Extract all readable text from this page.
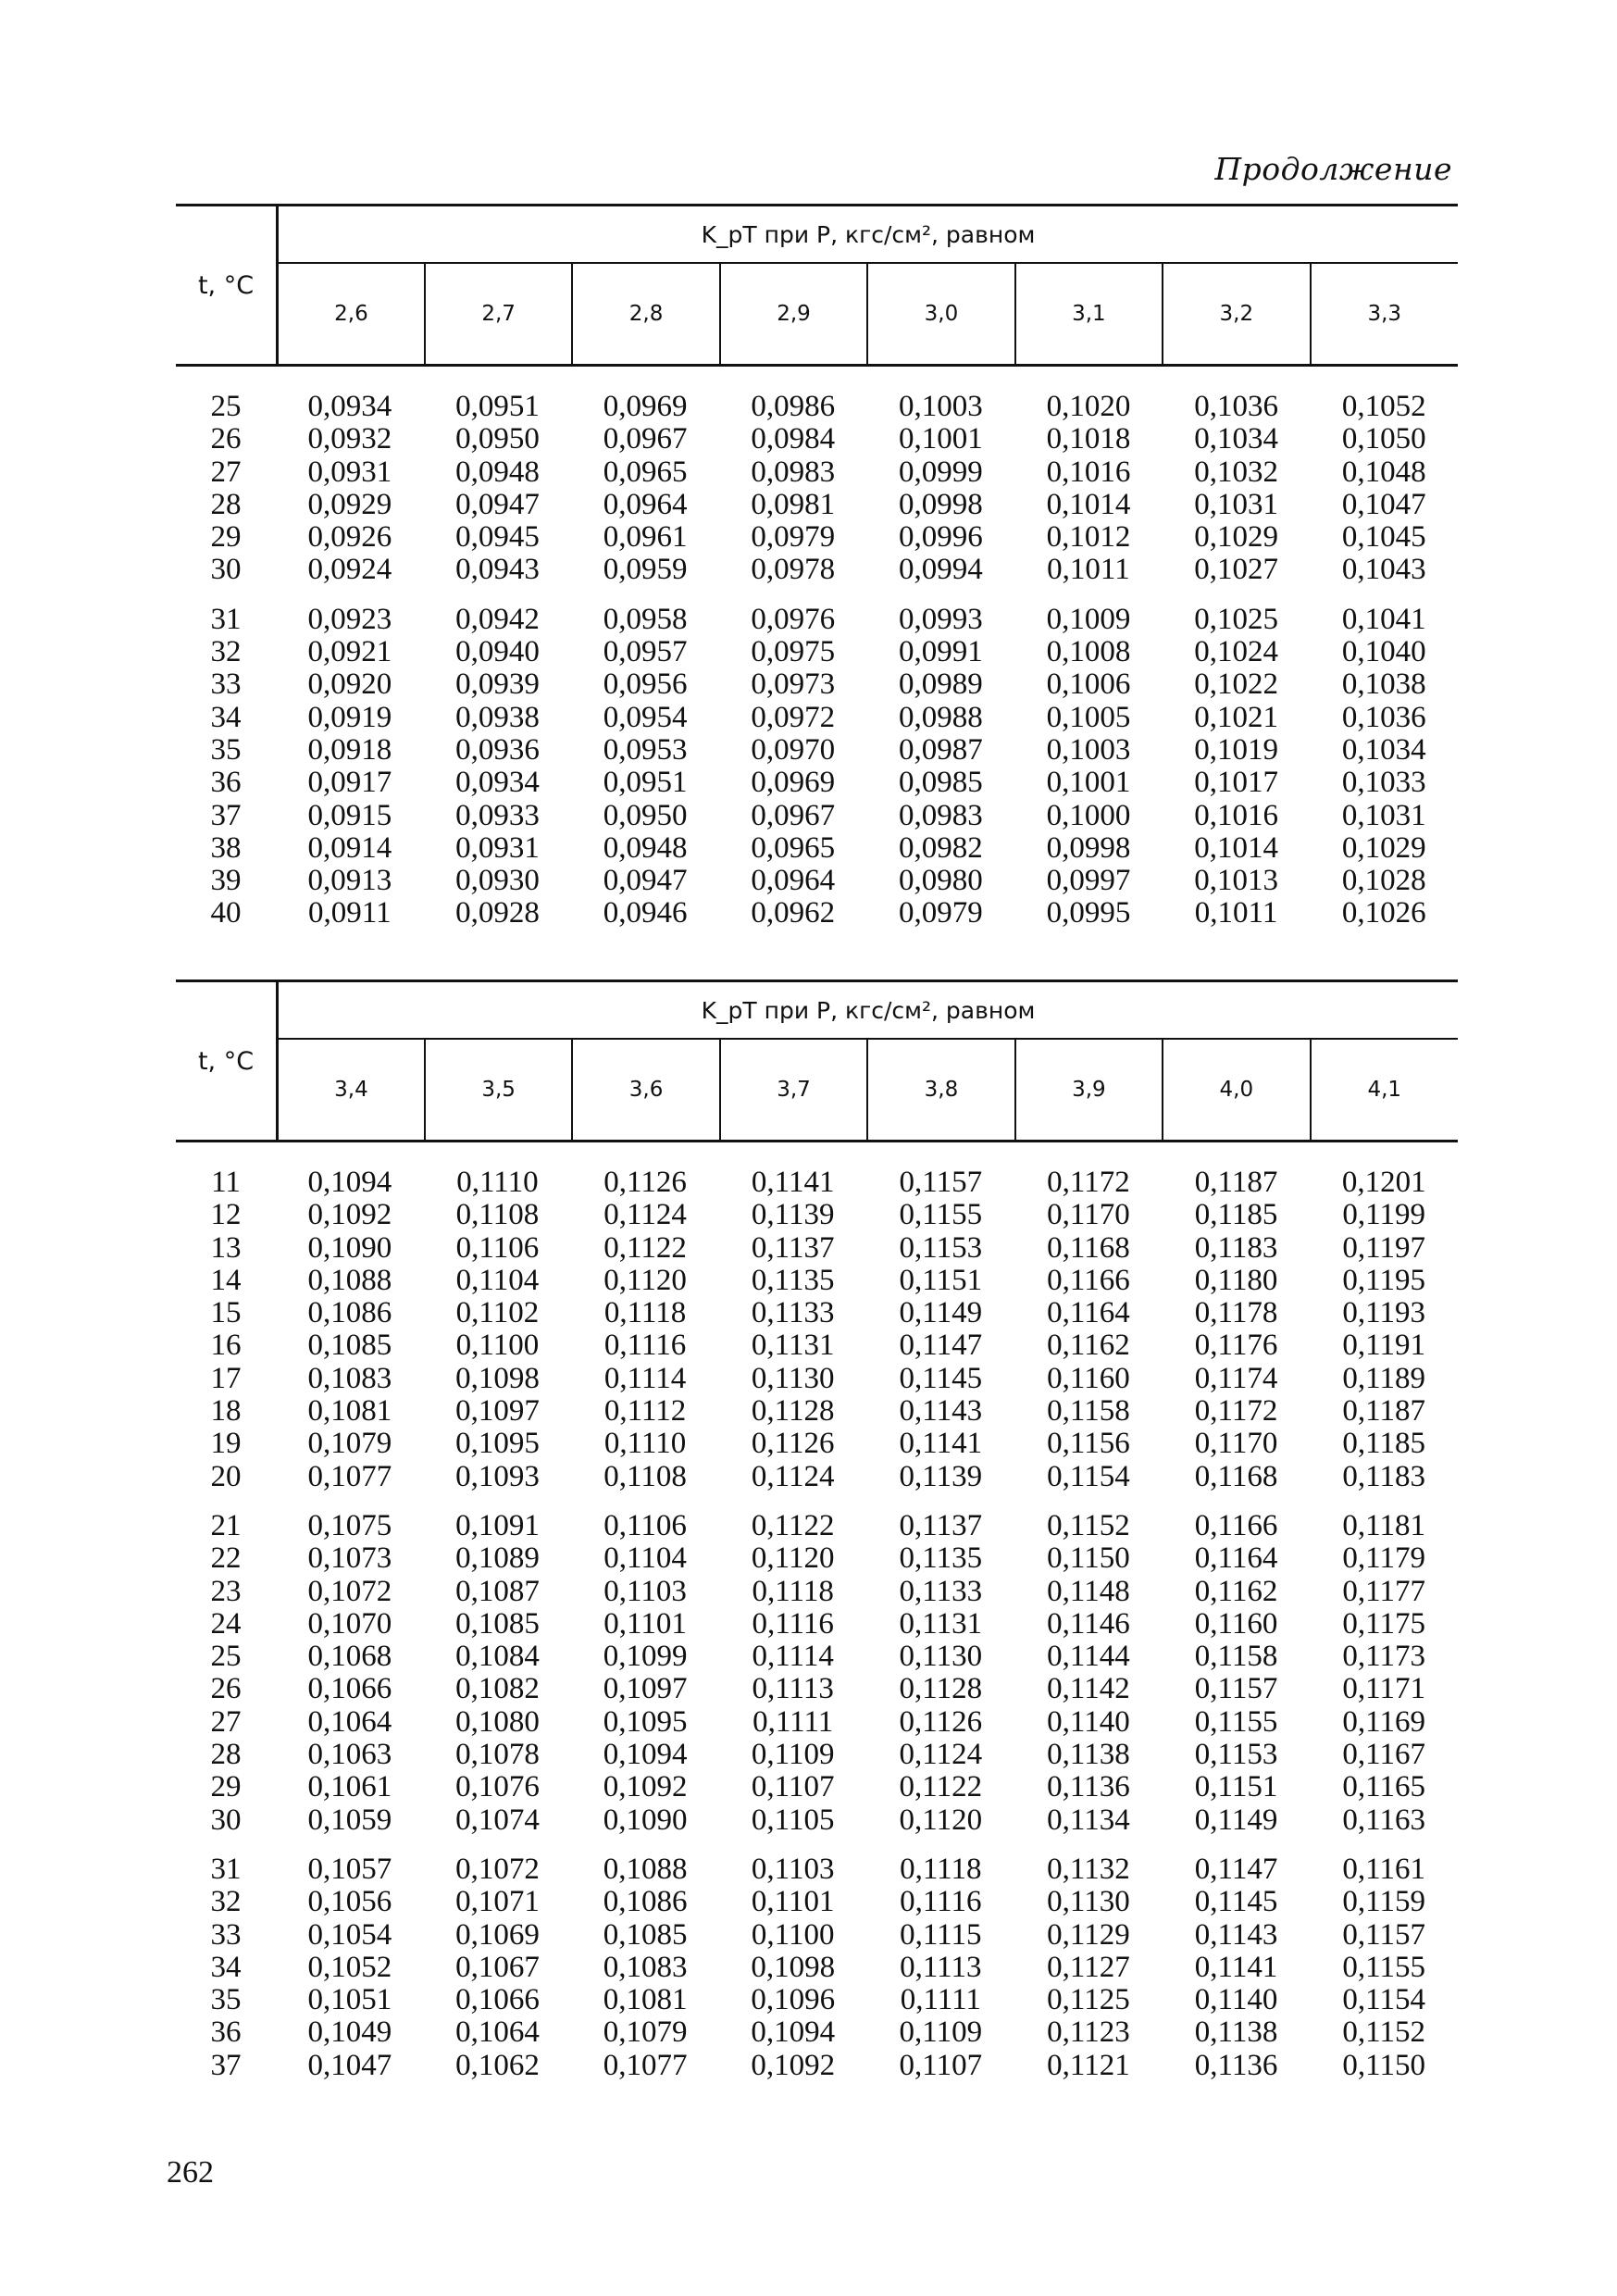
Продолжение
t, °C	K_pT при P, кгс/см², равном							
	2,6	2,7	2,8	2,9	3,0	3,1	3,2	3,3
25	0,0934	0,0951	0,0969	0,0986	0,1003	0,1020	0,1036	0,1052
26	0,0932	0,0950	0,0967	0,0984	0,1001	0,1018	0,1034	0,1050
27	0,0931	0,0948	0,0965	0,0983	0,0999	0,1016	0,1032	0,1048
28	0,0929	0,0947	0,0964	0,0981	0,0998	0,1014	0,1031	0,1047
29	0,0926	0,0945	0,0961	0,0979	0,0996	0,1012	0,1029	0,1045
30	0,0924	0,0943	0,0959	0,0978	0,0994	0,1011	0,1027	0,1043

31	0,0923	0,0942	0,0958	0,0976	0,0993	0,1009	0,1025	0,1041
32	0,0921	0,0940	0,0957	0,0975	0,0991	0,1008	0,1024	0,1040
33	0,0920	0,0939	0,0956	0,0973	0,0989	0,1006	0,1022	0,1038
34	0,0919	0,0938	0,0954	0,0972	0,0988	0,1005	0,1021	0,1036
35	0,0918	0,0936	0,0953	0,0970	0,0987	0,1003	0,1019	0,1034
36	0,0917	0,0934	0,0951	0,0969	0,0985	0,1001	0,1017	0,1033
37	0,0915	0,0933	0,0950	0,0967	0,0983	0,1000	0,1016	0,1031
38	0,0914	0,0931	0,0948	0,0965	0,0982	0,0998	0,1014	0,1029
39	0,0913	0,0930	0,0947	0,0964	0,0980	0,0997	0,1013	0,1028
40	0,0911	0,0928	0,0946	0,0962	0,0979	0,0995	0,1011	0,1026
t, °C	K_pT при P, кгс/см², равном							
	3,4	3,5	3,6	3,7	3,8	3,9	4,0	4,1
11	0,1094	0,1110	0,1126	0,1141	0,1157	0,1172	0,1187	0,1201
12	0,1092	0,1108	0,1124	0,1139	0,1155	0,1170	0,1185	0,1199
13	0,1090	0,1106	0,1122	0,1137	0,1153	0,1168	0,1183	0,1197
14	0,1088	0,1104	0,1120	0,1135	0,1151	0,1166	0,1180	0,1195
15	0,1086	0,1102	0,1118	0,1133	0,1149	0,1164	0,1178	0,1193
16	0,1085	0,1100	0,1116	0,1131	0,1147	0,1162	0,1176	0,1191
17	0,1083	0,1098	0,1114	0,1130	0,1145	0,1160	0,1174	0,1189
18	0,1081	0,1097	0,1112	0,1128	0,1143	0,1158	0,1172	0,1187
19	0,1079	0,1095	0,1110	0,1126	0,1141	0,1156	0,1170	0,1185
20	0,1077	0,1093	0,1108	0,1124	0,1139	0,1154	0,1168	0,1183

21	0,1075	0,1091	0,1106	0,1122	0,1137	0,1152	0,1166	0,1181
22	0,1073	0,1089	0,1104	0,1120	0,1135	0,1150	0,1164	0,1179
23	0,1072	0,1087	0,1103	0,1118	0,1133	0,1148	0,1162	0,1177
24	0,1070	0,1085	0,1101	0,1116	0,1131	0,1146	0,1160	0,1175
25	0,1068	0,1084	0,1099	0,1114	0,1130	0,1144	0,1158	0,1173
26	0,1066	0,1082	0,1097	0,1113	0,1128	0,1142	0,1157	0,1171
27	0,1064	0,1080	0,1095	0,1111	0,1126	0,1140	0,1155	0,1169
28	0,1063	0,1078	0,1094	0,1109	0,1124	0,1138	0,1153	0,1167
29	0,1061	0,1076	0,1092	0,1107	0,1122	0,1136	0,1151	0,1165
30	0,1059	0,1074	0,1090	0,1105	0,1120	0,1134	0,1149	0,1163

31	0,1057	0,1072	0,1088	0,1103	0,1118	0,1132	0,1147	0,1161
32	0,1056	0,1071	0,1086	0,1101	0,1116	0,1130	0,1145	0,1159
33	0,1054	0,1069	0,1085	0,1100	0,1115	0,1129	0,1143	0,1157
34	0,1052	0,1067	0,1083	0,1098	0,1113	0,1127	0,1141	0,1155
35	0,1051	0,1066	0,1081	0,1096	0,1111	0,1125	0,1140	0,1154
36	0,1049	0,1064	0,1079	0,1094	0,1109	0,1123	0,1138	0,1152
37	0,1047	0,1062	0,1077	0,1092	0,1107	0,1121	0,1136	0,1150
262
